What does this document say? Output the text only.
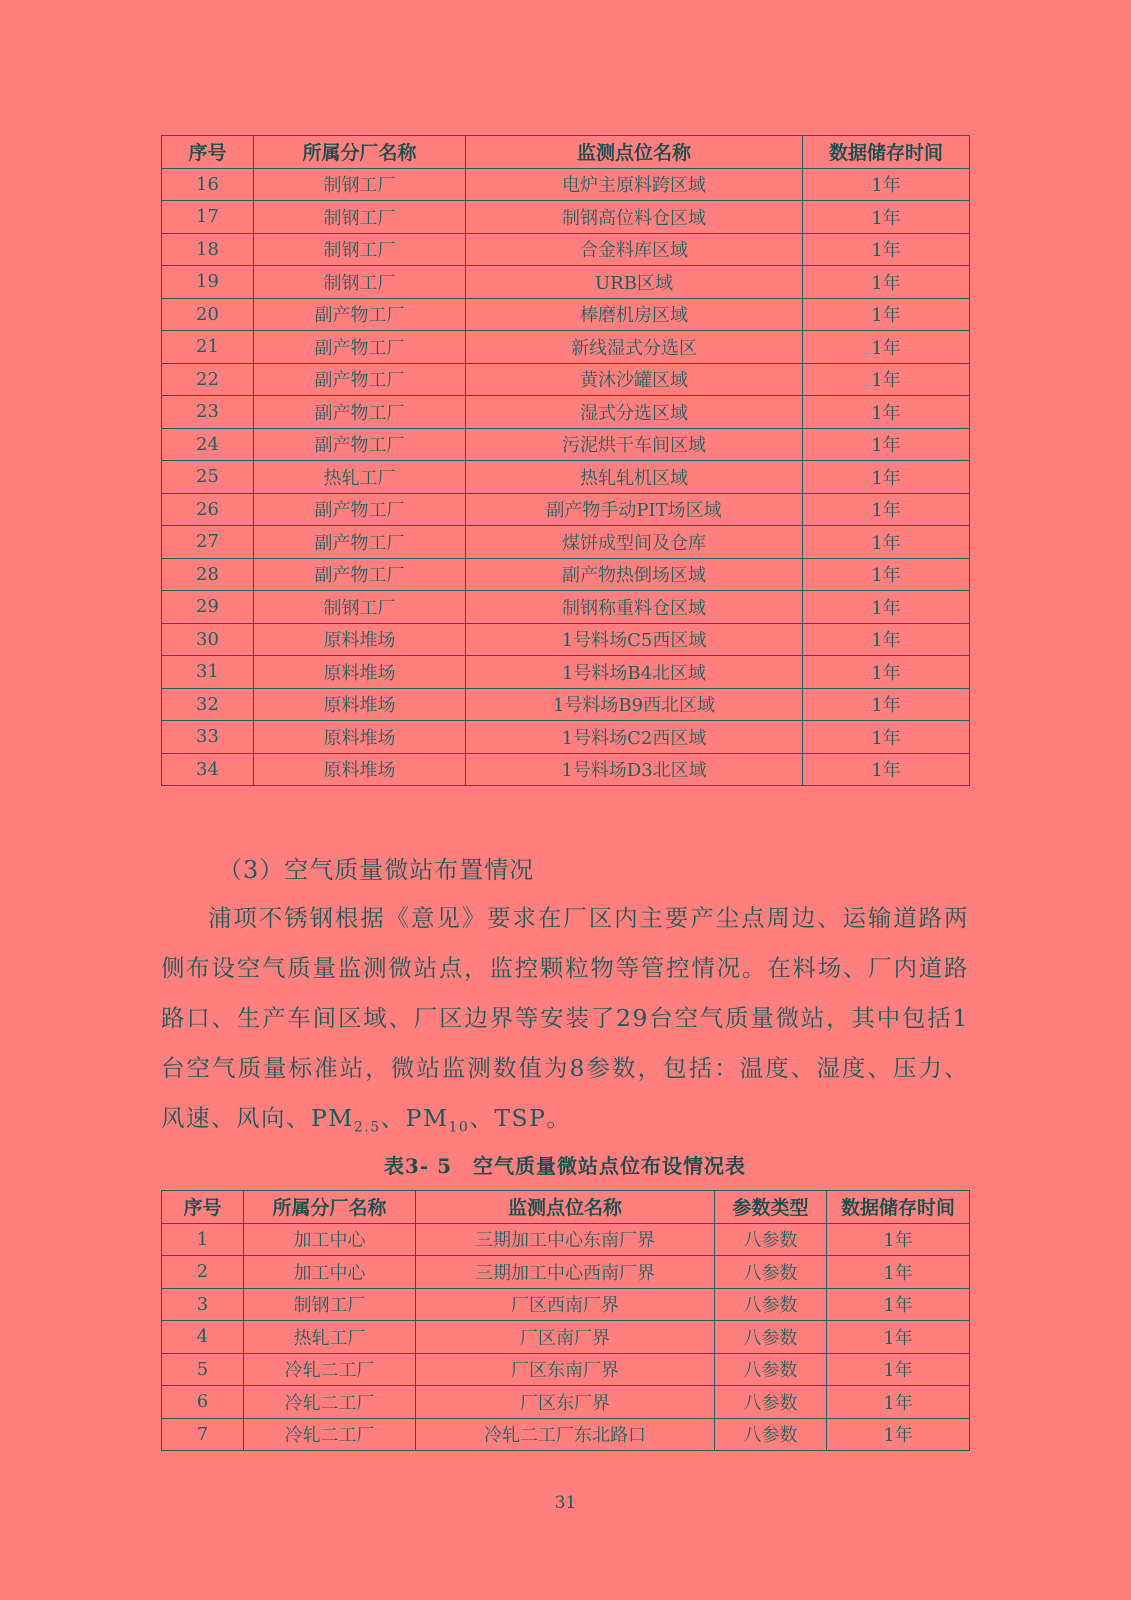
序号	所属分厂名称	监测点位名称	数据储存时间
16	制钢工厂	电炉主原料跨区域	1年
17	制钢工厂	制钢高位料仓区域	1年
18	制钢工厂	合金料库区域	1年
19	制钢工厂	URB区域	1年
20	副产物工厂	棒磨机房区域	1年
21	副产物工厂	新线湿式分选区	1年
22	副产物工厂	黄沐沙罐区域	1年
23	副产物工厂	湿式分选区域	1年
24	副产物工厂	污泥烘干车间区域	1年
25	热轧工厂	热轧轧机区域	1年
26	副产物工厂	副产物手动PIT场区域	1年
27	副产物工厂	煤饼成型间及仓库	1年
28	副产物工厂	副产物热倒场区域	1年
29	制钢工厂	制钢称重料仓区域	1年
30	原料堆场	1号料场C5西区域	1年
31	原料堆场	1号料场B4北区域	1年
32	原料堆场	1号料场B9西北区域	1年
33	原料堆场	1号料场C2西区域	1年
34	原料堆场	1号料场D3北区域	1年
（3）空气质量微站布置情况
浦项不锈钢根据《意见》要求在厂区内主要产尘点周边、运输道路两侧布设空气质量监测微站点，监控颗粒物等管控情况。在料场、厂内道路路口、生产车间区域、厂区边界等安装了29台空气质量微站，其中包括1台空气质量标准站，微站监测数值为8参数，包括：温度、湿度、压力、风速、风向、$PM_{2.5}$、$PM_{10}$、TSP。
表3- 5　空气质量微站点位布设情况表
序号	所属分厂名称	监测点位名称	参数类型	数据储存时间
1	加工中心	三期加工中心东南厂界	八参数	1年
2	加工中心	三期加工中心西南厂界	八参数	1年
3	制钢工厂	厂区西南厂界	八参数	1年
4	热轧工厂	厂区南厂界	八参数	1年
5	冷轧二工厂	厂区东南厂界	八参数	1年
6	冷轧二工厂	厂区东厂界	八参数	1年
7	冷轧二工厂	冷轧二工厂东北路口	八参数	1年
31
